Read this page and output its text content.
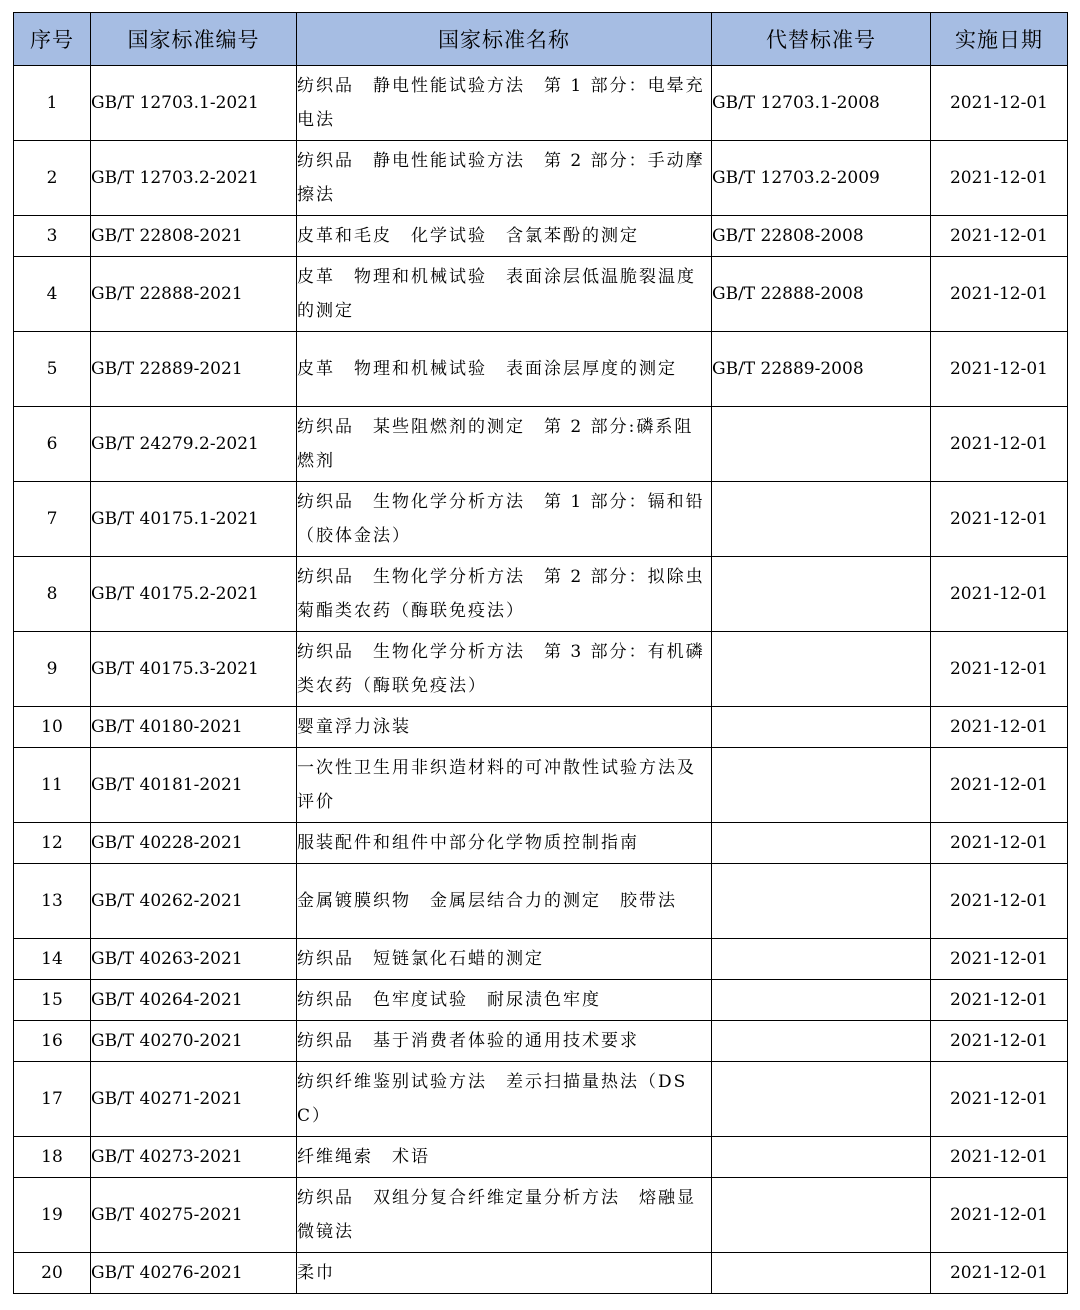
序号	国家标准编号	国家标准名称	代替标准号	实施日期
1	GB/T 12703.1-2021	纺织品　静电性能试验方法　第 1 部分：电晕充电法	GB/T 12703.1-2008	2021-12-01
2	GB/T 12703.2-2021	纺织品　静电性能试验方法　第 2 部分：手动摩擦法	GB/T 12703.2-2009	2021-12-01
3	GB/T 22808-2021	皮革和毛皮　化学试验　含氯苯酚的测定	GB/T 22808-2008	2021-12-01
4	GB/T 22888-2021	皮革　物理和机械试验　表面涂层低温脆裂温度的测定	GB/T 22888-2008	2021-12-01
5	GB/T 22889-2021	皮革　物理和机械试验　表面涂层厚度的测定	GB/T 22889-2008	2021-12-01
6	GB/T 24279.2-2021	纺织品　某些阻燃剂的测定　第 2 部分:磷系阻燃剂		2021-12-01
7	GB/T 40175.1-2021	纺织品　生物化学分析方法　第 1 部分：镉和铅（胶体金法）		2021-12-01
8	GB/T 40175.2-2021	纺织品　生物化学分析方法　第 2 部分：拟除虫菊酯类农药（酶联免疫法）		2021-12-01
9	GB/T 40175.3-2021	纺织品　生物化学分析方法　第 3 部分：有机磷类农药（酶联免疫法）		2021-12-01
10	GB/T 40180-2021	婴童浮力泳装		2021-12-01
11	GB/T 40181-2021	一次性卫生用非织造材料的可冲散性试验方法及评价		2021-12-01
12	GB/T 40228-2021	服装配件和组件中部分化学物质控制指南		2021-12-01
13	GB/T 40262-2021	金属镀膜织物　金属层结合力的测定　胶带法		2021-12-01
14	GB/T 40263-2021	纺织品　短链氯化石蜡的测定		2021-12-01
15	GB/T 40264-2021	纺织品　色牢度试验　耐尿渍色牢度		2021-12-01
16	GB/T 40270-2021	纺织品　基于消费者体验的通用技术要求		2021-12-01
17	GB/T 40271-2021	纺织纤维鉴别试验方法　差示扫描量热法（DSC）		2021-12-01
18	GB/T 40273-2021	纤维绳索　术语		2021-12-01
19	GB/T 40275-2021	纺织品　双组分复合纤维定量分析方法　熔融显微镜法		2021-12-01
20	GB/T 40276-2021	柔巾		2021-12-01
